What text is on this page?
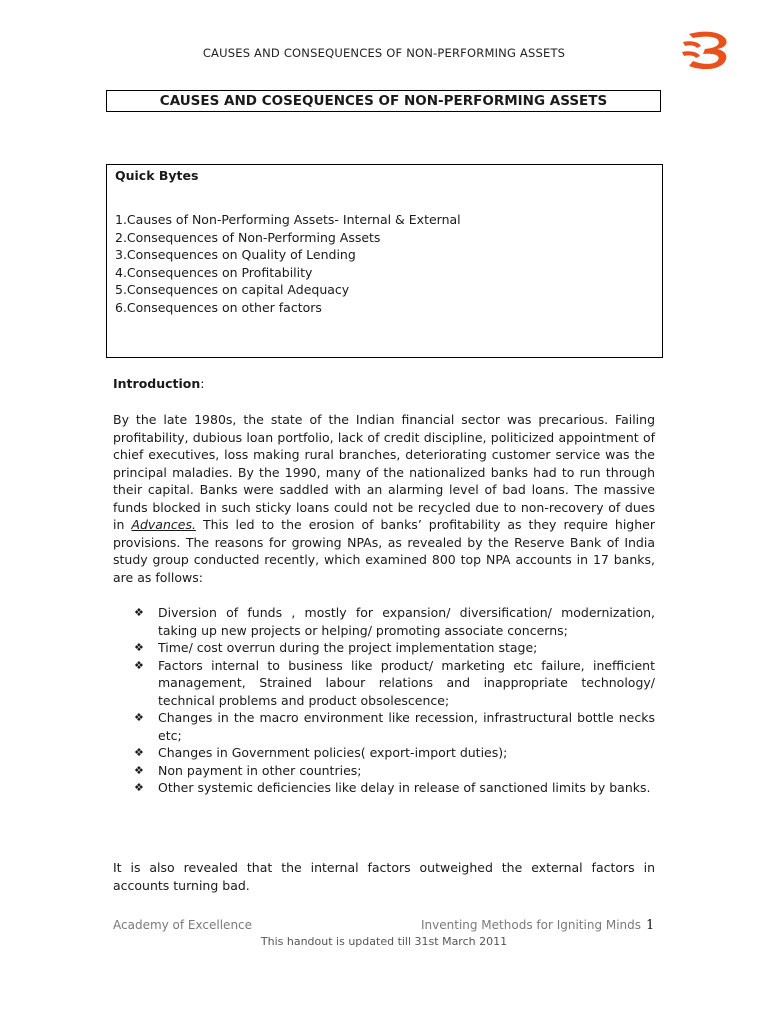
CAUSES AND CONSEQUENCES OF NON-PERFORMING ASSETS
CAUSES AND COSEQUENCES OF NON-PERFORMING ASSETS
Quick Bytes
1.Causes of Non-Performing Assets- Internal & External
2.Consequences of Non-Performing Assets
3.Consequences on Quality of Lending
4.Consequences on Profitability
5.Consequences on capital Adequacy
6.Consequences on other factors
Introduction:

By the late 1980s, the state of the Indian financial sector was precarious. Failing profitability, dubious loan portfolio, lack of credit discipline, politicized appointment of chief executives, loss making rural branches, deteriorating customer service was the principal maladies. By the 1990, many of the nationalized banks had to run through their capital. Banks were saddled with an alarming level of bad loans. The massive funds blocked in such sticky loans could not be recycled due to non-recovery of dues in Advances. This led to the erosion of banks’ profitability as they require higher provisions. The reasons for growing NPAs, as revealed by the Reserve Bank of India study group conducted recently, which examined 800 top NPA accounts in 17 banks, are as follows:

❖ Diversion of funds , mostly for expansion/ diversification/ modernization, taking up new projects or helping/ promoting associate concerns;
❖ Time/ cost overrun during the project implementation stage;
❖ Factors internal to business like product/ marketing etc failure, inefficient management, Strained labour relations and inappropriate technology/ technical problems and product obsolescence;
❖ Changes in the macro environment like recession, infrastructural bottle necks etc;
❖ Changes in Government policies( export-import duties);
❖ Non payment in other countries;
❖ Other systemic deficiencies like delay in release of sanctioned limits by banks.

It is also revealed that the internal factors outweighed the external factors in accounts turning bad.

Academy of Excellence	Inventing Methods for Igniting Minds 1
This handout is updated till 31st March 2011
